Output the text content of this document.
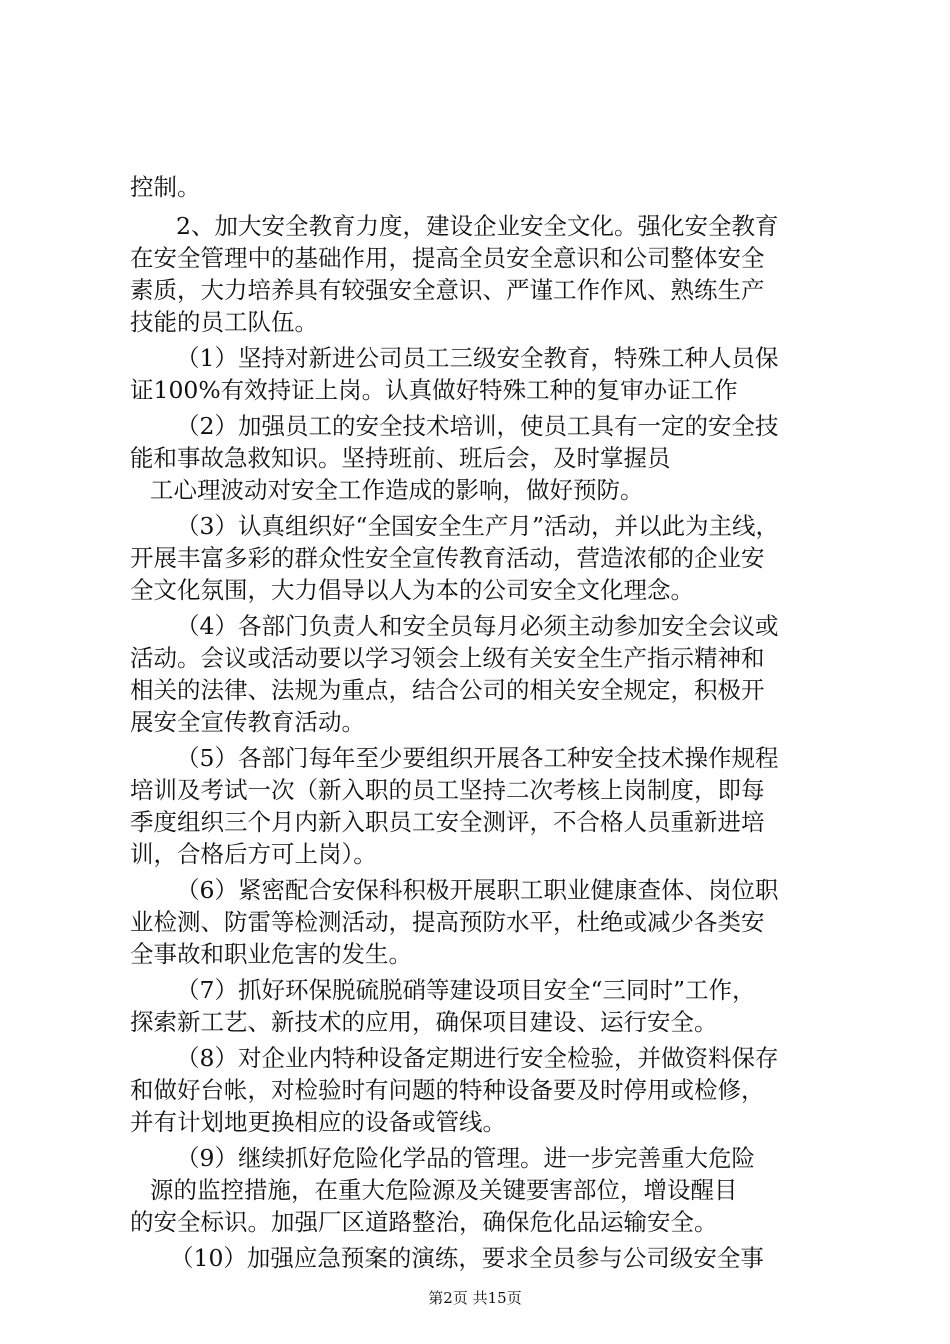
控制。
2、加大安全教育力度，建设企业安全文化。强化安全教育
在安全管理中的基础作用，提高全员安全意识和公司整体安全
素质，大力培养具有较强安全意识、严谨工作作风、熟练生产
技能的员工队伍。
（1）坚持对新进公司员工三级安全教育，特殊工种人员保
证100%有效持证上岗。认真做好特殊工种的复审办证工作
（2）加强员工的安全技术培训，使员工具有一定的安全技
能和事故急救知识。坚持班前、班后会，及时掌握员
工心理波动对安全工作造成的影响，做好预防。
（3）认真组织好“全国安全生产月”活动，并以此为主线，
开展丰富多彩的群众性安全宣传教育活动，营造浓郁的企业安
全文化氛围，大力倡导以人为本的公司安全文化理念。
（4）各部门负责人和安全员每月必须主动参加安全会议或
活动。会议或活动要以学习领会上级有关安全生产指示精神和
相关的法律、法规为重点，结合公司的相关安全规定，积极开
展安全宣传教育活动。
（5）各部门每年至少要组织开展各工种安全技术操作规程
培训及考试一次（新入职的员工坚持二次考核上岗制度，即每
季度组织三个月内新入职员工安全测评，不合格人员重新进培
训，合格后方可上岗）。
（6）紧密配合安保科积极开展职工职业健康查体、岗位职
业检测、防雷等检测活动，提高预防水平，杜绝或减少各类安
全事故和职业危害的发生。
（7）抓好环保脱硫脱硝等建设项目安全“三同时”工作，
探索新工艺、新技术的应用，确保项目建设、运行安全。
（8）对企业内特种设备定期进行安全检验，并做资料保存
和做好台帐，对检验时有问题的特种设备要及时停用或检修，
并有计划地更换相应的设备或管线。
（9）继续抓好危险化学品的管理。进一步完善重大危险
源的监控措施，在重大危险源及关键要害部位，增设醒目
的安全标识。加强厂区道路整治，确保危化品运输安全。
（10）加强应急预案的演练，要求全员参与公司级安全事
第2页 共15页
